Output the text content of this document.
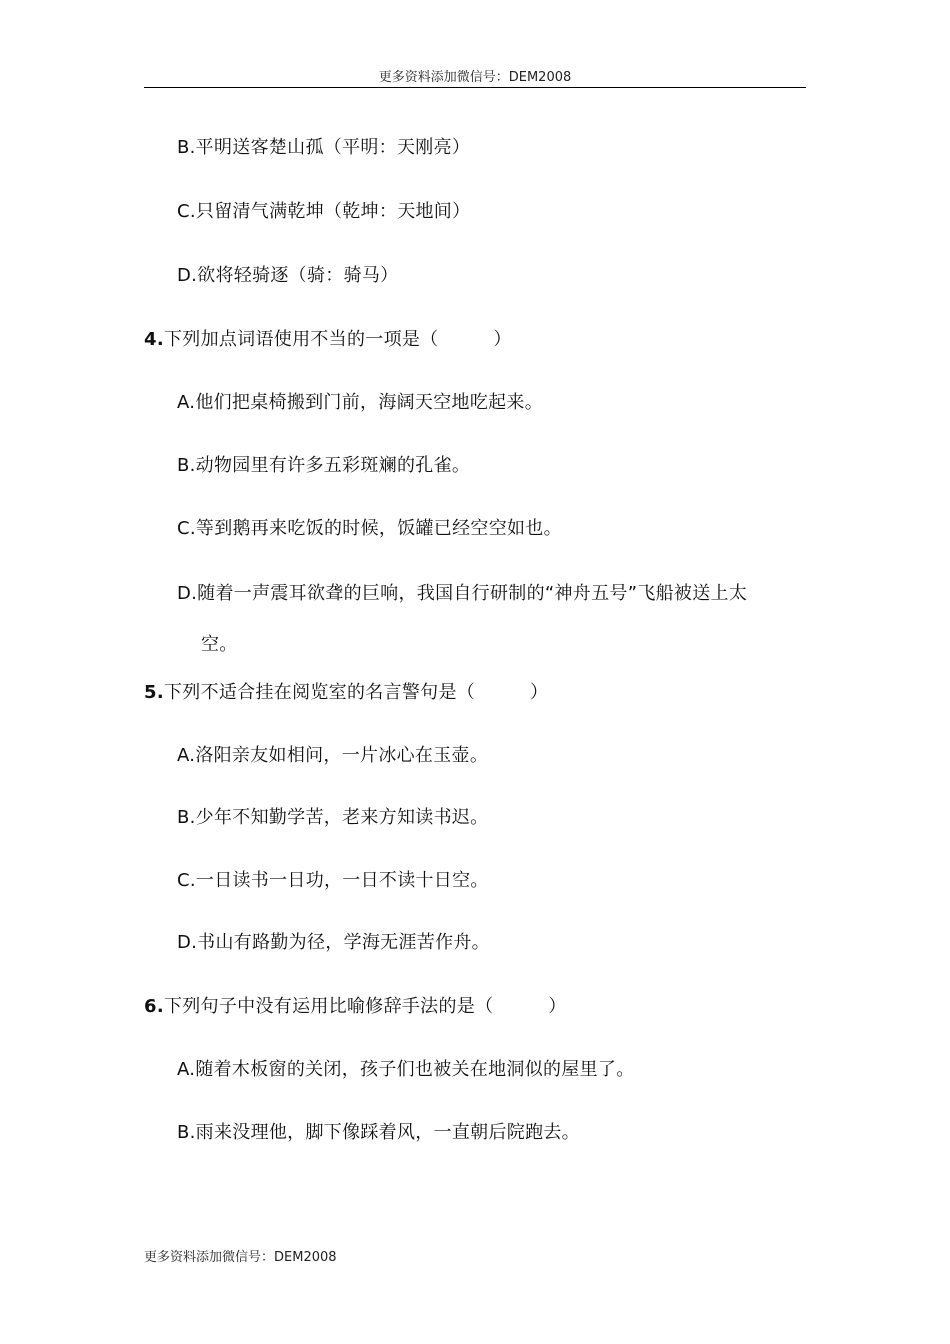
更多资料添加微信号：DEM2008
B.平明送客楚山孤（平明：天刚亮）
C.只留清气满乾坤（乾坤：天地间）
D.欲将轻骑逐（骑：骑马）
4.下列加点词语使用不当的一项是（　　　）
A.他们把桌椅搬到门前，海阔天空地吃起来。
B.动物园里有许多五彩斑斓的孔雀。
C.等到鹅再来吃饭的时候，饭罐已经空空如也。
D.随着一声震耳欲聋的巨响，我国自行研制的“神舟五号”飞船被送上太
空。
5.下列不适合挂在阅览室的名言警句是（　　　）
A.洛阳亲友如相问，一片冰心在玉壶。
B.少年不知勤学苦，老来方知读书迟。
C.一日读书一日功，一日不读十日空。
D.书山有路勤为径，学海无涯苦作舟。
6.下列句子中没有运用比喻修辞手法的是（　　　）
A.随着木板窗的关闭，孩子们也被关在地洞似的屋里了。
B.雨来没理他，脚下像踩着风，一直朝后院跑去。
更多资料添加微信号：DEM2008
